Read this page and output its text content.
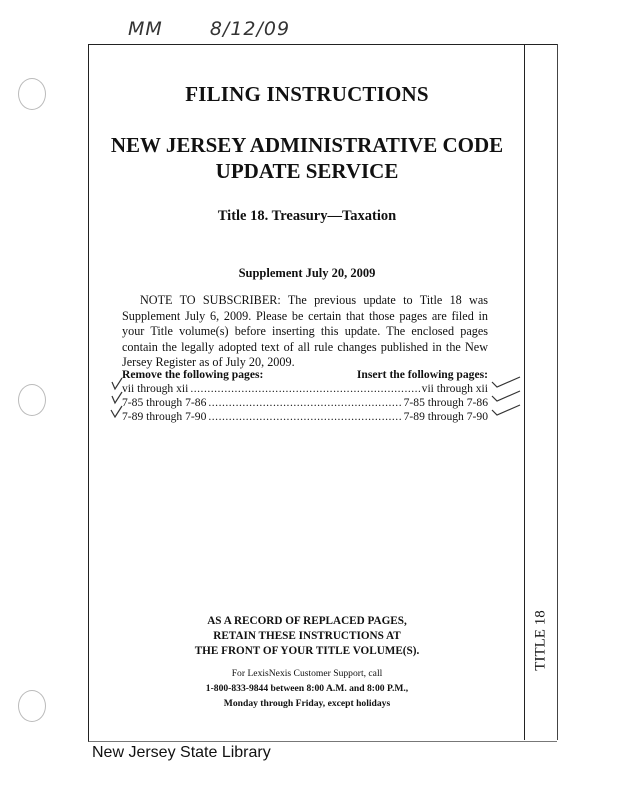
MM 8/12/09
TITLE 18
FILING INSTRUCTIONS
NEW JERSEY ADMINISTRATIVE CODE
UPDATE SERVICE
Title 18. Treasury—Taxation
Supplement July 20, 2009
NOTE TO SUBSCRIBER: The previous update to Title 18 was Supplement July 6, 2009. Please be certain that those pages are filed in your Title volume(s) before inserting this update. The enclosed pages contain the legally adopted text of all rule changes published in the New Jersey Register as of July 20, 2009.
Remove the following pages:	Insert the following pages:
vii through xii .....	vii through xii
7-85 through 7-86 .....	7-85 through 7-86
7-89 through 7-90 .....	7-89 through 7-90
AS A RECORD OF REPLACED PAGES,
RETAIN THESE INSTRUCTIONS AT
THE FRONT OF YOUR TITLE VOLUME(S).
For LexisNexis Customer Support, call
1-800-833-9844 between 8:00 A.M. and 8:00 P.M.,
Monday through Friday, except holidays
New Jersey State Library
